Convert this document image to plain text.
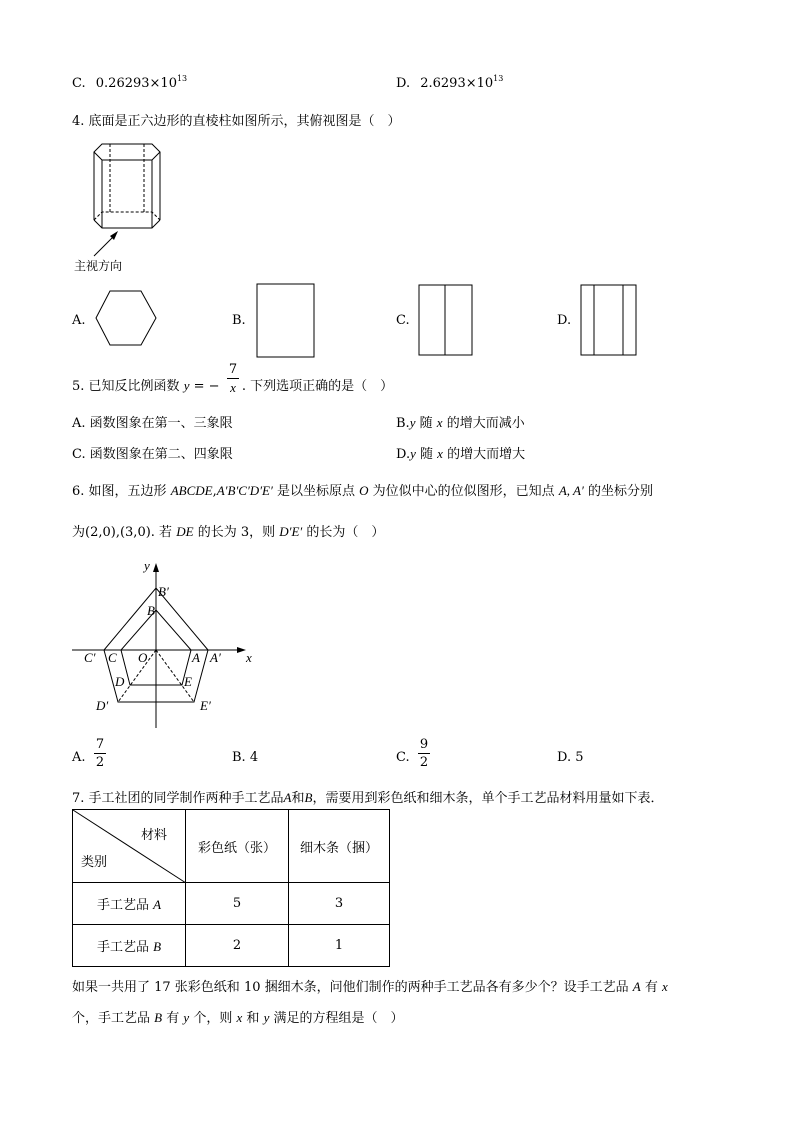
C. $0.26293\times 10^{13}$	D. $2.6293\times 10^{13}$
4. 底面是正六边形的直棱柱如图所示，其俯视图是（　）
主视方向
A.	B.	C.	D.
5. 已知反比例函数 y = − . 下列选项正确的是（　）
7
x
A. 函数图象在第一、三象限	B.y 随 x 的增大而减小
C. 函数图象在第二、四象限	D.y 随 x 的增大而增大
6. 如图，五边形 ABCDE,A′B′C′D′E′ 是以坐标原点 O 为位似中心的位似图形，已知点 A, A′ 的坐标分别
为(2,0),(3,0). 若 DE 的长为 3，则 D′E′ 的长为（　）
y
x
B′
B
C′ C O	A A′
D	E
D′	E′
A.
7
2	B. 4	C.
9
2	D. 5
7. 手工社团的同学制作两种手工艺品A和B，需要用到彩色纸和细木条，单个手工艺品材料用量如下表．
材料
类别	彩色纸（张）	细木条（捆）
手工艺品 A	5	3
手工艺品 B	2	1
如果一共用了 17 张彩色纸和 10 捆细木条，问他们制作的两种手工艺品各有多少个？设手工艺品 A 有 x
个，手工艺品 B 有 y 个，则 x 和 y 满足的方程组是（　）
